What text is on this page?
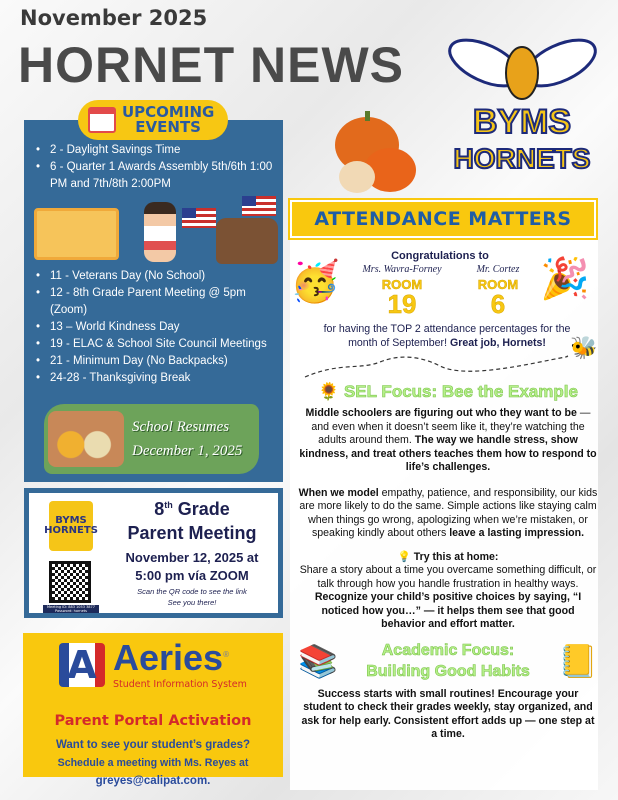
November 2025
HORNET NEWS
UPCOMING
EVENTS
• 2 - Daylight Savings Time
• 6 - Quarter 1 Awards Assembly 5th/6th 1:00 PM and 7th/8th 2:00PM
• 11 - Veterans Day (No School)
• 12 - 8th Grade Parent Meeting @ 5pm (Zoom)
• 13 – World Kindness Day
• 19 - ELAC & School Site Council Meetings
• 21 - Minimum Day (No Backpacks)
• 24-28 - Thanksgiving Break
School Resumes
December 1, 2025
BYMS
HORNETS
Meeting ID: 883 1053 3877 Password: hornets
8th Grade
Parent Meeting
November 12, 2025 at
5:00 pm vía ZOOM
Scan the QR code to see the link
See you there!
A Aeries®
Student Information System
Parent Portal Activation
Want to see your student’s grades?
Schedule a meeting with Ms. Reyes at
greyes@calipat.com.
BYMS
HORNETS
ATTENDANCE MATTERS
🥳	🎉
Congratulations to
Mrs. Wavra-Forney	Mr. Cortez
ROOM	ROOM
19	6
for having the TOP 2 attendance percentages for the month of September! Great job, Hornets!	🐝
🌻 SEL Focus: Bee the Example
Middle schoolers are figuring out who they want to be — and even when it doesn’t seem like it, they’re watching the adults around them. The way we handle stress, show kindness, and treat others teaches them how to respond to life’s challenges.
When we model empathy, patience, and responsibility, our kids are more likely to do the same. Simple actions like staying calm when things go wrong, apologizing when we’re mistaken, or speaking kindly about others leave a lasting impression.
💡 Try this at home:
Share a story about a time you overcame something difficult, or talk through how you handle frustration in healthy ways. Recognize your child’s positive choices by saying, “I noticed how you…” — it helps them see that good behavior and effort matter.
📚	Academic Focus:
Building Good Habits 📒
Success starts with small routines! Encourage your student to check their grades weekly, stay organized, and ask for help early. Consistent effort adds up — one step at a time.
